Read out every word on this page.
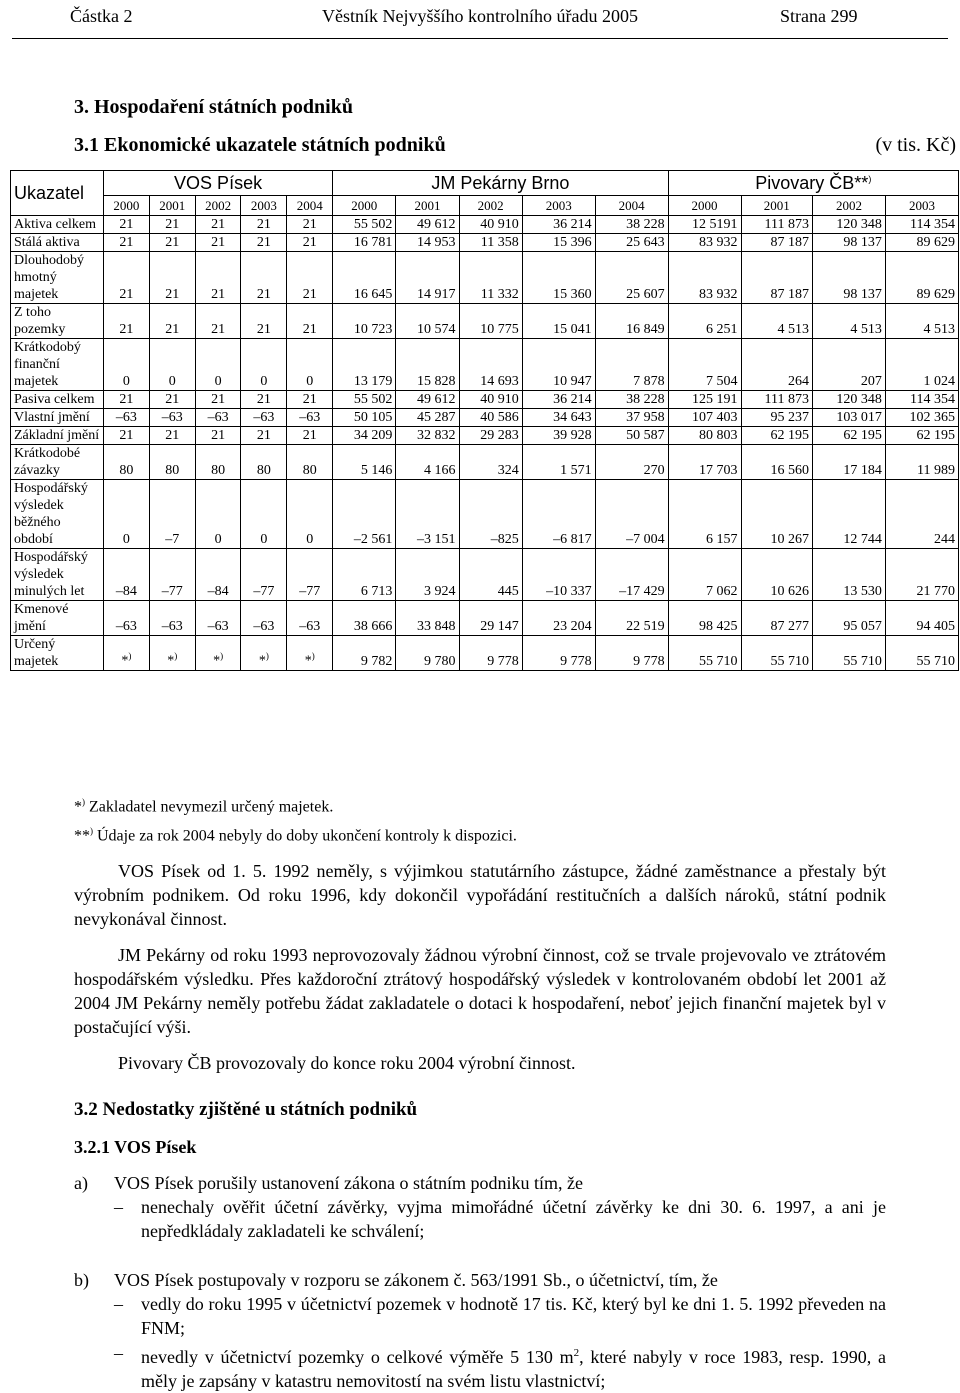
Částka 2	Věstník Nejvyššího kontrolního úřadu 2005	Strana 299
3. Hospodaření státních podniků
3.1 Ekonomické ukazatele státních podniků	(v tis. Kč)
Ukazatel	VOS Písek					JM Pekárny Brno					Pivovary ČB**)
	2000	2001	2002	2003	2004	2000	2001	2002	2003	2004	2000	2001	2002	2003
Aktiva celkem	21	21	21	21	21	55 502	49 612	40 910	36 214	38 228	12 5191	111 873	120 348	114 354
Stálá aktiva	21	21	21	21	21	16 781	14 953	11 358	15 396	25 643	83 932	87 187	98 137	89 629
Dlouhodobý hmotný majetek	21	21	21	21	21	16 645	14 917	11 332	15 360	25 607	83 932	87 187	98 137	89 629
Z toho pozemky	21	21	21	21	21	10 723	10 574	10 775	15 041	16 849	6 251	4 513	4 513	4 513
Krátkodobý finanční majetek	0	0	0	0	0	13 179	15 828	14 693	10 947	7 878	7 504	264	207	1 024
Pasiva celkem	21	21	21	21	21	55 502	49 612	40 910	36 214	38 228	125 191	111 873	120 348	114 354
Vlastní jmění	–63	–63	–63	–63	–63	50 105	45 287	40 586	34 643	37 958	107 403	95 237	103 017	102 365
Základní jmění	21	21	21	21	21	34 209	32 832	29 283	39 928	50 587	80 803	62 195	62 195	62 195
Krátkodobé závazky	80	80	80	80	80	5 146	4 166	324	1 571	270	17 703	16 560	17 184	11 989
Hospodářský výsledek běžného období	0	–7	0	0	0	–2 561	–3 151	–825	–6 817	–7 004	6 157	10 267	12 744	244
Hospodářský výsledek minulých let	–84	–77	–84	–77	–77	6 713	3 924	445	–10 337	–17 429	7 062	10 626	13 530	21 770
Kmenové jmění	–63	–63	–63	–63	–63	38 666	33 848	29 147	23 204	22 519	98 425	87 277	95 057	94 405
Určený majetek	*)	*)	*)	*)	*)	9 782	9 780	9 778	9 778	9 778	55 710	55 710	55 710	55 710
*) Zakladatel nevymezil určený majetek.
**) Údaje za rok 2004 nebyly do doby ukončení kontroly k dispozici.
VOS Písek od 1. 5. 1992 neměly, s výjimkou statutárního zástupce, žádné zaměstnance a přestaly být výrobním podnikem. Od roku 1996, kdy dokončil vypořádání restitučních a dalších nároků, státní podnik nevykonával činnost.
JM Pekárny od roku 1993 neprovozovaly žádnou výrobní činnost, což se trvale projevovalo ve ztrátovém hospodářském výsledku. Přes každoroční ztrátový hospodářský výsledek v kontrolovaném období let 2001 až 2004 JM Pekárny neměly potřebu žádat zakladatele o dotaci k hospodaření, neboť jejich finanční majetek byl v postačující výši.
Pivovary ČB provozovaly do konce roku 2004 výrobní činnost.
3.2 Nedostatky zjištěné u státních podniků
3.2.1 VOS Písek
a) VOS Písek porušily ustanovení zákona o státním podniku tím, že
– nenechaly ověřit účetní závěrky, vyjma mimořádné účetní závěrky ke dni 30. 6. 1997, a ani je nepředkládaly zakladateli ke schválení;
b) VOS Písek postupovaly v rozporu se zákonem č. 563/1991 Sb., o účetnictví, tím, že
– vedly do roku 1995 v účetnictví pozemek v hodnotě 17 tis. Kč, který byl ke dni 1. 5. 1992 převeden na FNM;
– nevedly v účetnictví pozemky o celkové výměře 5 130 $m^2$, které nabyly v roce 1983, resp. 1990, a měly je zapsány v katastru nemovitostí na svém listu vlastnictví;
